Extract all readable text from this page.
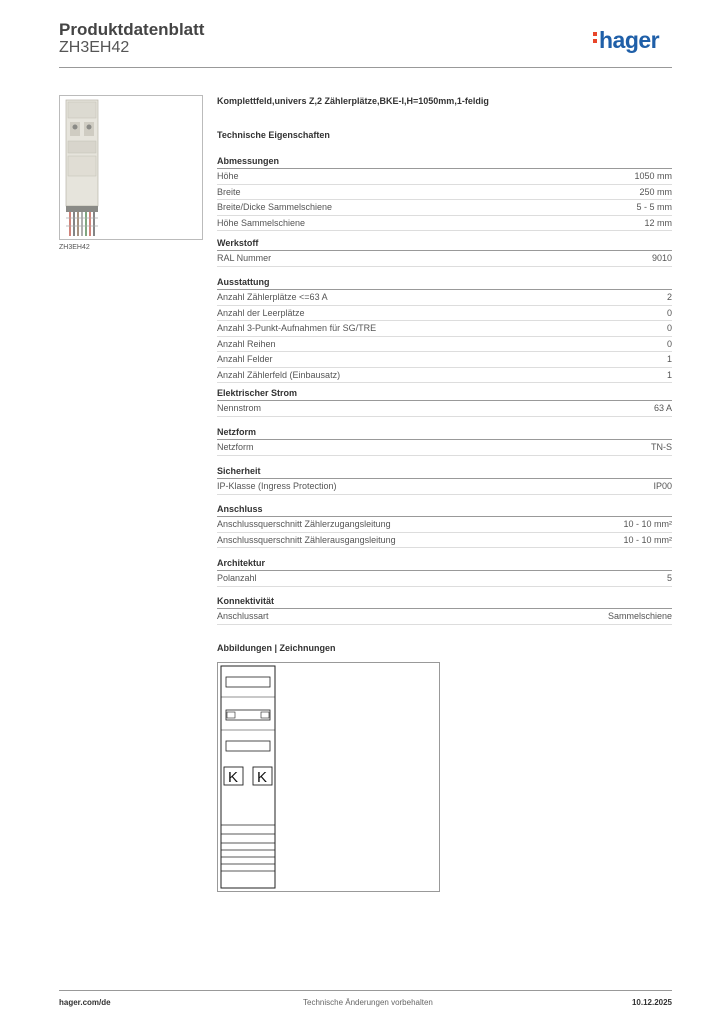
Produktdatenblatt
ZH3EH42	hager
ZH3EH42
Komplettfeld,univers Z,2 Zählerplätze,BKE-I,H=1050mm,1-feldig
Technische Eigenschaften
Abmessungen
Höhe	1050 mm
Breite	250 mm
Breite/Dicke Sammelschiene	5 - 5 mm
Höhe Sammelschiene	12 mm
Werkstoff
RAL Nummer	9010
Ausstattung
Anzahl Zählerplätze <=63 A	2
Anzahl der Leerplätze	0
Anzahl 3-Punkt-Aufnahmen für SG/TRE	0
Anzahl Reihen	0
Anzahl Felder	1
Anzahl Zählerfeld (Einbausatz)	1
Elektrischer Strom
Nennstrom	63 A
Netzform
Netzform	TN-S
Sicherheit
IP-Klasse (Ingress Protection)	IP00
Anschluss
Anschlussquerschnitt Zählerzugangsleitung	10 - 10 mm²
Anschlussquerschnitt Zählerausgangsleitung	10 - 10 mm²
Architektur
Polanzahl	5
Konnektivität
Anschlussart	Sammelschiene
Abbildungen | Zeichnungen
K K
hager.com/de	Technische Änderungen vorbehalten	10.12.2025
